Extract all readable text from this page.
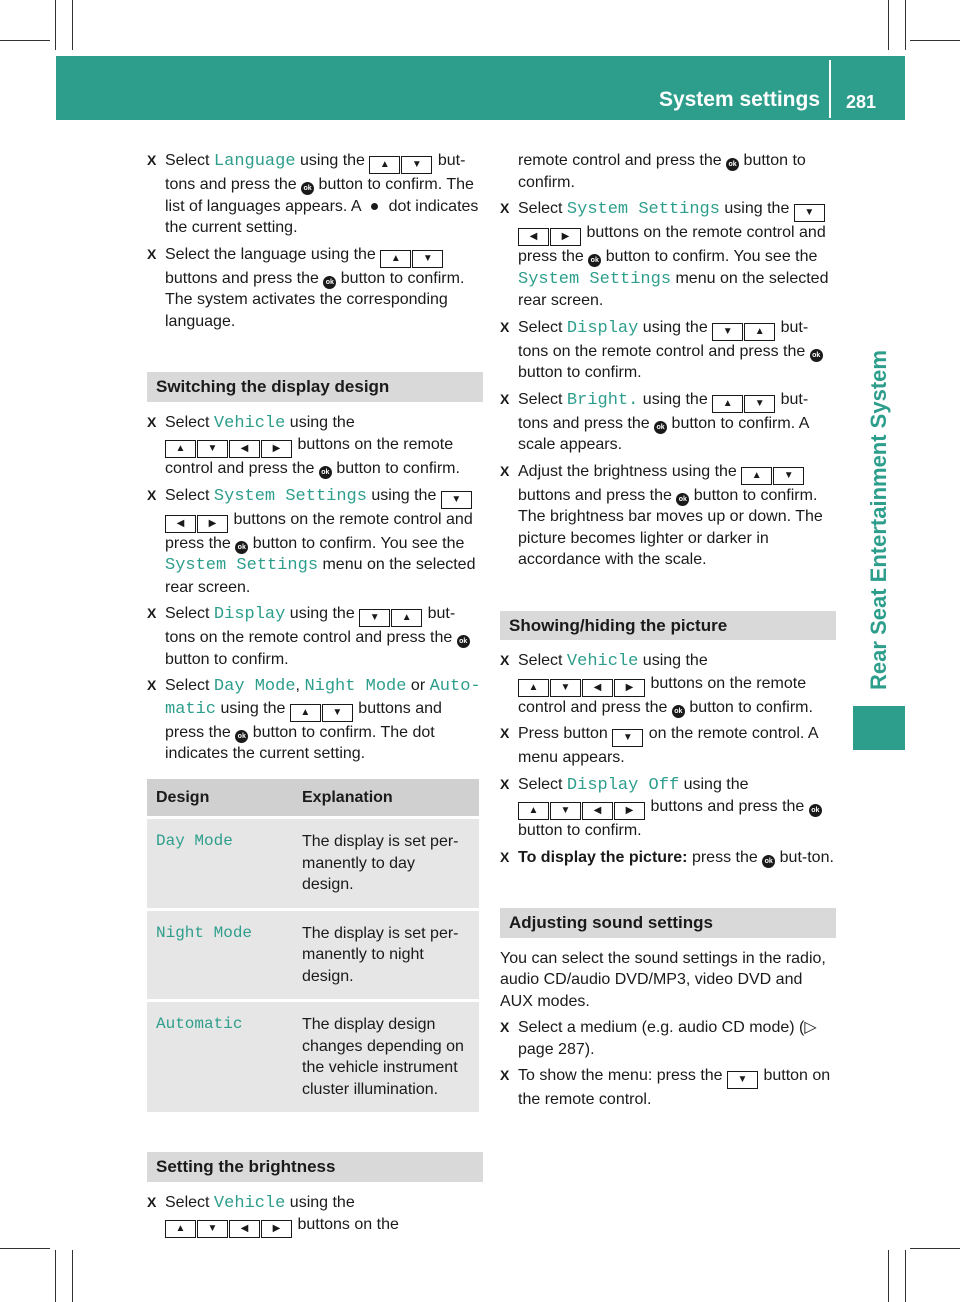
System settings 281
Rear Seat Entertainment System
X Select Language using the ▲ ▼ but-tons and press the ok button to confirm. The list of languages appears. A  dot indicates the current setting.
X Select the language using the ▲ ▼ buttons and press the ok button to confirm. The system activates the corresponding language.
Switching the display design
X Select Vehicle using the
▲ ▼ ◀ ▶ buttons on the remote control and press the ok button to confirm.
X Select System Settings using the ▼◀ ▶ buttons on the remote control and press the ok button to confirm. You see the System Settings menu on the selected rear screen.
X Select Display using the ▼ ▲ but-tons on the remote control and press the ok button to confirm.
X Select Day Mode, Night Mode or Auto-matic using the ▲ ▼ buttons and press the ok button to confirm. The dot indicates the current setting.
Design	Explanation
Day Mode	The display is set per-manently to day design.
Night Mode	The display is set per-manently to night design.
Automatic	The display design changes depending on the vehicle instrument cluster illumination.
Setting the brightness
X Select Vehicle using the
▲ ▼ ◀ ▶ buttons on the
remote control and press the ok button to confirm.
X Select System Settings using the ▼◀ ▶ buttons on the remote control and press the ok button to confirm. You see the System Settings menu on the selected rear screen.
X Select Display using the ▼ ▲ but-tons on the remote control and press the ok button to confirm.
X Select Bright. using the ▲ ▼ but-tons and press the ok button to confirm. A scale appears.
X Adjust the brightness using the ▲ ▼ buttons and press the ok button to confirm. The brightness bar moves up or down. The picture becomes lighter or darker in accordance with the scale.
Showing/hiding the picture
X Select Vehicle using the
▲ ▼ ◀ ▶ buttons on the remote control and press the ok button to confirm.
X Press button ▼ on the remote control. A menu appears.
X Select Display Off using the
▲ ▼ ◀ ▶ buttons and press the ok button to confirm.
X To display the picture: press the ok but-ton.
Adjusting sound settings
You can select the sound settings in the radio, audio CD/audio DVD/MP3, video DVD and AUX modes.
X Select a medium (e.g. audio CD mode) (▷ page 287).
X To show the menu: press the ▼ button on the remote control.
